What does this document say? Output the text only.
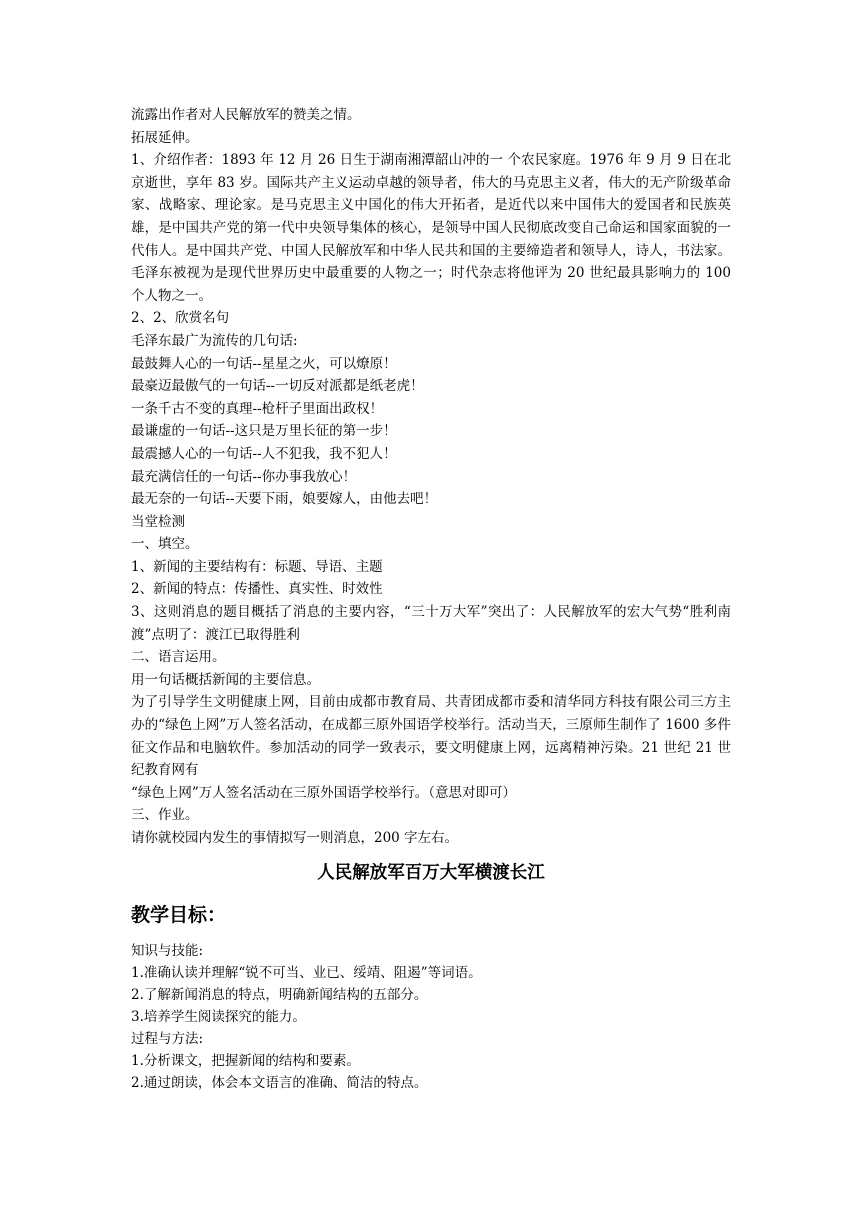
流露出作者对人民解放军的赞美之情。

拓展延伸。

1、介绍作者：1893 年 12 月 26 日生于湖南湘潭韶山冲的一 个农民家庭。1976 年 9 月 9 日在北京逝世，享年 83 岁。国际共产主义运动卓越的领导者，伟大的马克思主义者，伟大的无产阶级革命家、战略家、理论家。是马克思主义中国化的伟大开拓者，是近代以来中国伟大的爱国者和民族英雄，是中国共产党的第一代中央领导集体的核心，是领导中国人民彻底改变自己命运和国家面貌的一代伟人。是中国共产党、中国人民解放军和中华人民共和国的主要缔造者和领导人，诗人，书法家。毛泽东被视为是现代世界历史中最重要的人物之一；时代杂志将他评为 20 世纪最具影响力的 100 个人物之一。

2、2、欣赏名句

毛泽东最广为流传的几句话:

最鼓舞人心的一句话--星星之火，可以燎原！

最豪迈最傲气的一句话--一切反对派都是纸老虎！

一条千古不变的真理--枪杆子里面出政权！

最谦虚的一句话--这只是万里长征的第一步！

最震撼人心的一句话--人不犯我，我不犯人！

最充满信任的一句话--你办事我放心！

最无奈的一句话--天要下雨，娘要嫁人，由他去吧！

当堂检测

一、填空。

1、新闻的主要结构有：标题、导语、主题

2、新闻的特点：传播性、真实性、时效性

3、这则消息的题目概括了消息的主要内容，“三十万大军”突出了：人民解放军的宏大气势“胜利南渡”点明了：渡江已取得胜利

二、语言运用。

用一句话概括新闻的主要信息。

为了引导学生文明健康上网，目前由成都市教育局、共青团成都市委和清华同方科技有限公司三方主办的“绿色上网”万人签名活动，在成都三原外国语学校举行。活动当天，三原师生制作了 1600 多件征文作品和电脑软件。参加活动的同学一致表示，要文明健康上网，远离精神污染。21 世纪 21 世纪教育网有

“绿色上网”万人签名活动在三原外国语学校举行。（意思对即可）

三、作业。

请你就校园内发生的事情拟写一则消息，200 字左右。

人民解放军百万大军横渡长江
教学目标：

知识与技能:

1.准确认读并理解“锐不可当、业已、绥靖、阻遏”等词语。

2.了解新闻消息的特点，明确新闻结构的五部分。

3.培养学生阅读探究的能力。

过程与方法:

1.分析课文，把握新闻的结构和要素。

2.通过朗读，体会本文语言的准确、简洁的特点。
